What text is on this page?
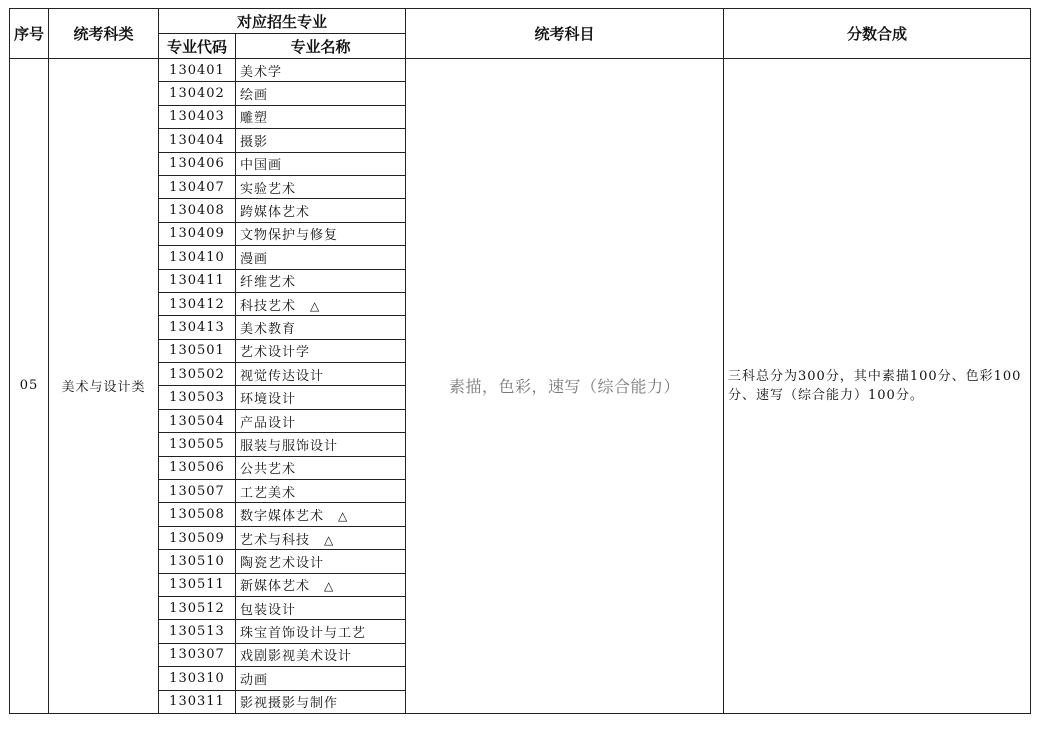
序号	统考科类	对应招生专业		统考科目	分数合成
		专业代码	专业名称		
05	美术与设计类	130401	美术学	素描，色彩，速写（综合能力）	三科总分为300分，其中素描100分、色彩100分、速写（综合能力）100分。
		130402	绘画		
		130403	雕塑		
		130404	摄影		
		130406	中国画		
		130407	实验艺术		
		130408	跨媒体艺术		
		130409	文物保护与修复		
		130410	漫画		
		130411	纤维艺术		
		130412	科技艺术 △		
		130413	美术教育		
		130501	艺术设计学		
		130502	视觉传达设计		
		130503	环境设计		
		130504	产品设计		
		130505	服装与服饰设计		
		130506	公共艺术		
		130507	工艺美术		
		130508	数字媒体艺术 △		
		130509	艺术与科技 △		
		130510	陶瓷艺术设计		
		130511	新媒体艺术 △		
		130512	包装设计		
		130513	珠宝首饰设计与工艺		
		130307	戏剧影视美术设计		
		130310	动画		
		130311	影视摄影与制作		
